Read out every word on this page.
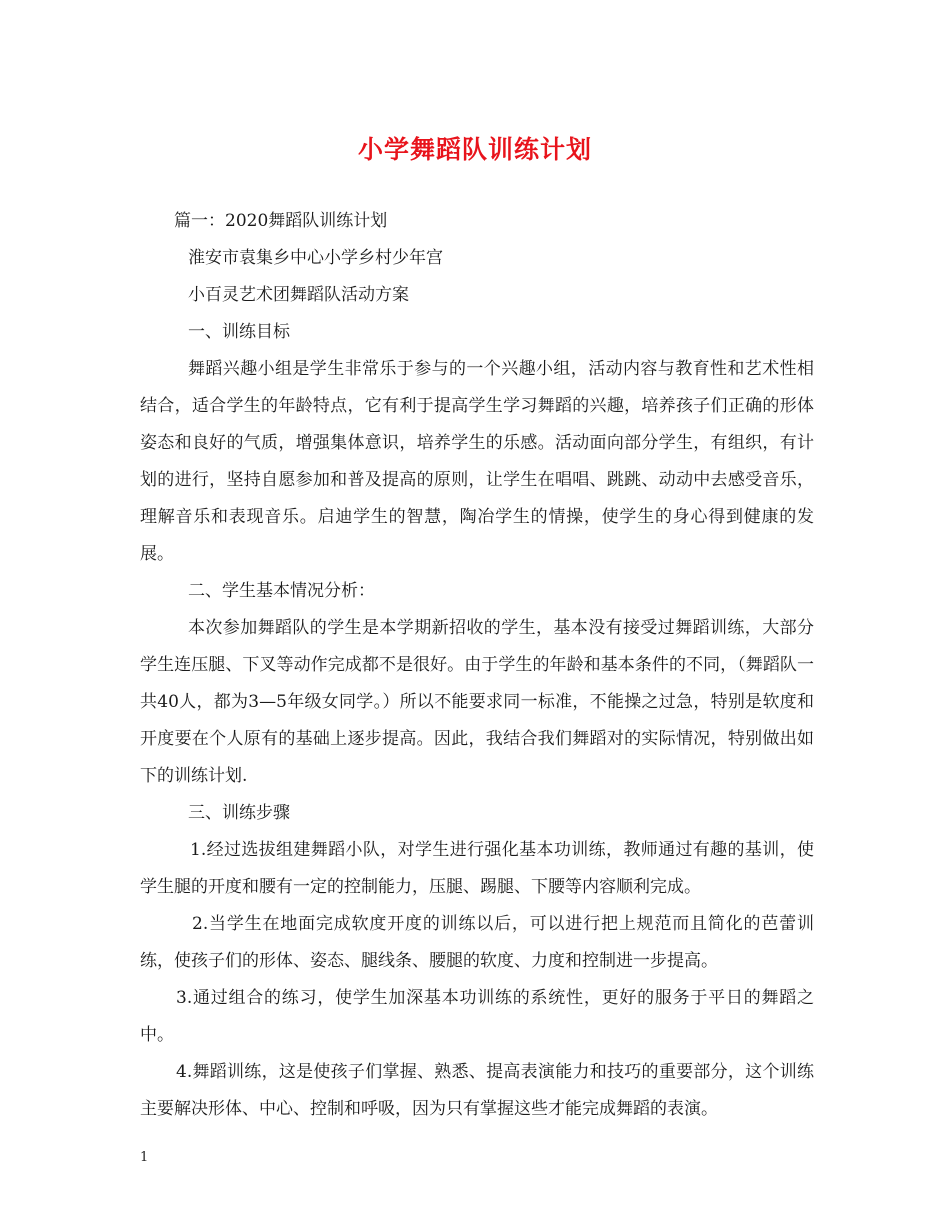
小学舞蹈队训练计划

篇一：2020舞蹈队训练计划

淮安市袁集乡中心小学乡村少年宫

小百灵艺术团舞蹈队活动方案

一、训练目标

舞蹈兴趣小组是学生非常乐于参与的一个兴趣小组，活动内容与教育性和艺术性相结合，适合学生的年龄特点，它有利于提高学生学习舞蹈的兴趣，培养孩子们正确的形体姿态和良好的气质，增强集体意识，培养学生的乐感。活动面向部分学生，有组织，有计划的进行，坚持自愿参加和普及提高的原则，让学生在唱唱、跳跳、动动中去感受音乐，理解音乐和表现音乐。启迪学生的智慧，陶冶学生的情操，使学生的身心得到健康的发展。

二、学生基本情况分析：

本次参加舞蹈队的学生是本学期新招收的学生，基本没有接受过舞蹈训练，大部分学生连压腿、下叉等动作完成都不是很好。由于学生的年龄和基本条件的不同，（舞蹈队一共40人，都为3—5年级女同学。）所以不能要求同一标准，不能操之过急，特别是软度和开度要在个人原有的基础上逐步提高。因此，我结合我们舞蹈对的实际情况，特别做出如下的训练计划.

三、训练步骤

1.经过选拔组建舞蹈小队，对学生进行强化基本功训练，教师通过有趣的基训，使学生腿的开度和腰有一定的控制能力，压腿、踢腿、下腰等内容顺利完成。

2.当学生在地面完成软度开度的训练以后，可以进行把上规范而且简化的芭蕾训练，使孩子们的形体、姿态、腿线条、腰腿的软度、力度和控制进一步提高。

3.通过组合的练习，使学生加深基本功训练的系统性，更好的服务于平日的舞蹈之中。

4.舞蹈训练，这是使孩子们掌握、熟悉、提高表演能力和技巧的重要部分，这个训练主要解决形体、中心、控制和呼吸，因为只有掌握这些才能完成舞蹈的表演。

1
